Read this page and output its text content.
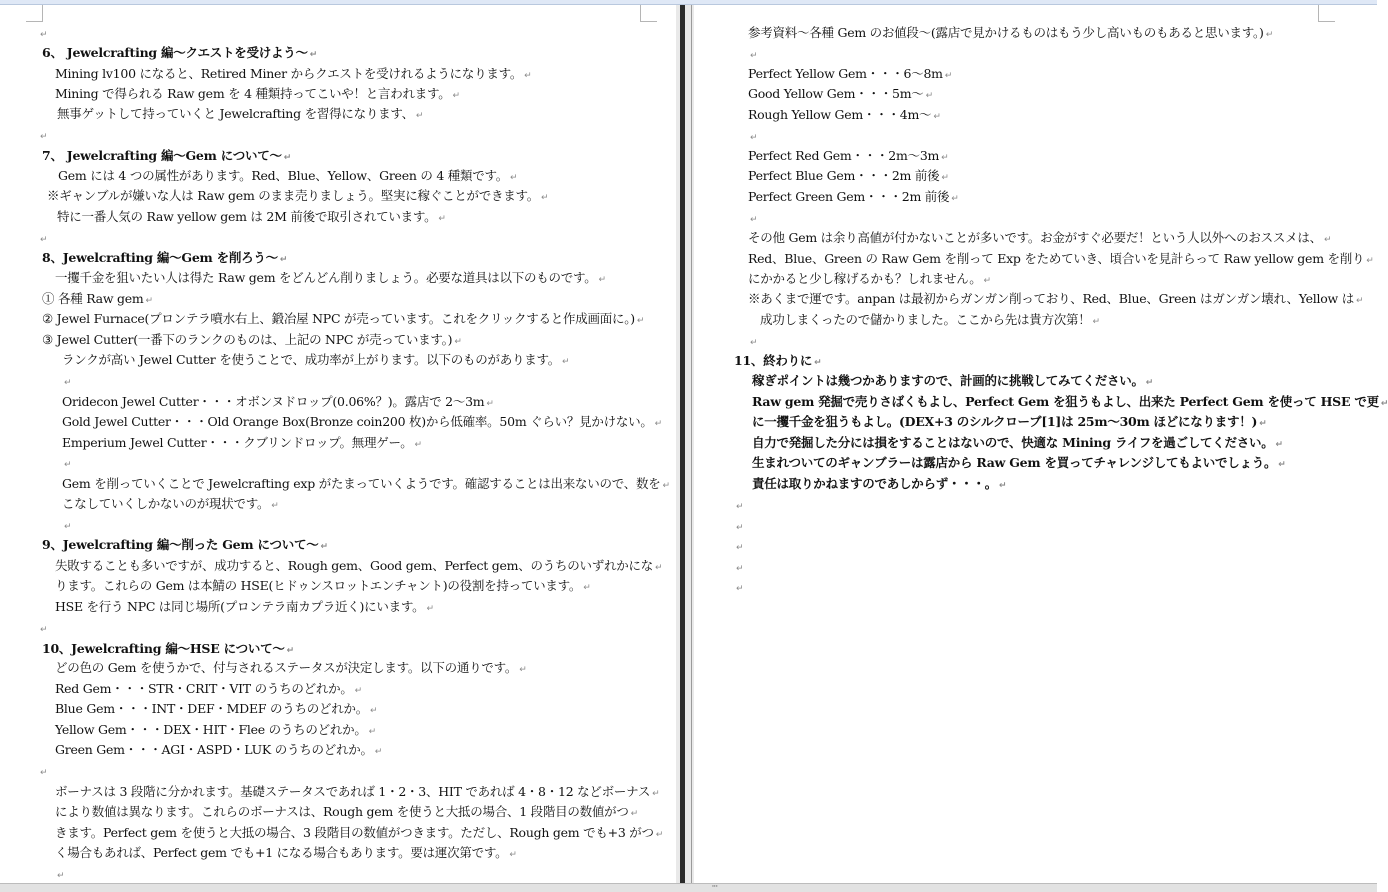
↵
6、 Jewelcrafting 編～クエストを受けよう～ ↵
Mining lv100 になると、Retired Miner からクエストを受けれるようになります。 ↵
Mining で得られる Raw gem を 4 種類持ってこいや！と言われます。 ↵
無事ゲットして持っていくと Jewelcrafting を習得になります、 ↵
↵
7、 Jewelcrafting 編～Gem について～ ↵
Gem には 4 つの属性があります。Red、Blue、Yellow、Green の 4 種類です。 ↵
※ギャンブルが嫌いな人は Raw gem のまま売りましょう。堅実に稼ぐことができます。 ↵
特に一番人気の Raw yellow gem は 2M 前後で取引されています。 ↵
↵
8、Jewelcrafting 編～Gem を削ろう～ ↵
一攫千金を狙いたい人は得た Raw gem をどんどん削りましょう。必要な道具は以下のものです。 ↵
① 各種 Raw gem ↵
② Jewel Furnace(プロンテラ噴水右上、鍛冶屋 NPC が売っています。これをクリックすると作成画面に。) ↵
③ Jewel Cutter(一番下のランクのものは、上記の NPC が売っています。) ↵
ランクが高い Jewel Cutter を使うことで、成功率が上がります。以下のものがあります。 ↵
↵
Oridecon Jewel Cutter・・・オボンヌドロップ(0.06%？)。露店で 2～3m ↵
Gold Jewel Cutter・・・Old Orange Box(Bronze coin200 枚)から低確率。50m ぐらい？見かけない。 ↵
Emperium Jewel Cutter・・・クブリンドロップ。無理ゲー。 ↵
↵
Gem を削っていくことで Jewelcrafting exp がたまっていくようです。確認することは出来ないので、数を ↵
こなしていくしかないのが現状です。 ↵
↵
9、Jewelcrafting 編～削った Gem について～ ↵
失敗することも多いですが、成功すると、Rough gem、Good gem、Perfect gem、のうちのいずれかにな ↵
ります。これらの Gem は本鯖の HSE(ヒドゥンスロットエンチャント)の役割を持っています。 ↵
HSE を行う NPC は同じ場所(プロンテラ南カプラ近く)にいます。 ↵
↵
10、Jewelcrafting 編～HSE について～ ↵
どの色の Gem を使うかで、付与されるステータスが決定します。以下の通りです。 ↵
Red Gem・・・STR・CRIT・VIT のうちのどれか。 ↵
Blue Gem・・・INT・DEF・MDEF のうちのどれか。 ↵
Yellow Gem・・・DEX・HIT・Flee のうちのどれか。 ↵
Green Gem・・・AGI・ASPD・LUK のうちのどれか。 ↵
↵
ボーナスは 3 段階に分かれます。基礎ステータスであれば 1・2・3、HIT であれば 4・8・12 などボーナス ↵
により数値は異なります。これらのボーナスは、Rough gem を使うと大抵の場合、1 段階目の数値がつ ↵
きます。Perfect gem を使うと大抵の場合、3 段階目の数値がつきます。ただし、Rough gem でも+3 がつ ↵
く場合もあれば、Perfect gem でも+1 になる場合もあります。要は運次第です。 ↵
↵
参考資料～各種 Gem のお値段～(露店で見かけるものはもう少し高いものもあると思います。) ↵
↵
Perfect Yellow Gem・・・6～8m ↵
Good Yellow Gem・・・5m～ ↵
Rough Yellow Gem・・・4m～ ↵
↵
Perfect Red Gem・・・2m～3m ↵
Perfect Blue Gem・・・2m 前後 ↵
Perfect Green Gem・・・2m 前後 ↵
↵
その他 Gem は余り高値が付かないことが多いです。お金がすぐ必要だ！という人以外へのおススメは、 ↵
Red、Blue、Green の Raw Gem を削って Exp をためていき、頃合いを見計らって Raw yellow gem を削り ↵
にかかると少し稼げるかも？しれません。 ↵
※あくまで運です。anpan は最初からガンガン削っており、Red、Blue、Green はガンガン壊れ、Yellow は ↵
成功しまくったので儲かりました。ここから先は貴方次第！ ↵
↵
11、終わりに ↵
稼ぎポイントは幾つかありますので、計画的に挑戦してみてください。 ↵
Raw gem 発掘で売りさばくもよし、Perfect Gem を狙うもよし、出来た Perfect Gem を使って HSE で更 ↵
に一攫千金を狙うもよし。(DEX+3 のシルクローブ[1]は 25m～30m ほどになります！) ↵
自力で発掘した分には損をすることはないので、快適な Mining ライフを過ごしてください。 ↵
生まれついてのギャンブラーは露店から Raw Gem を買ってチャレンジしてもよいでしょう。 ↵
責任は取りかねますのであしからず・・・。 ↵
↵
↵
↵
↵
↵
'''
